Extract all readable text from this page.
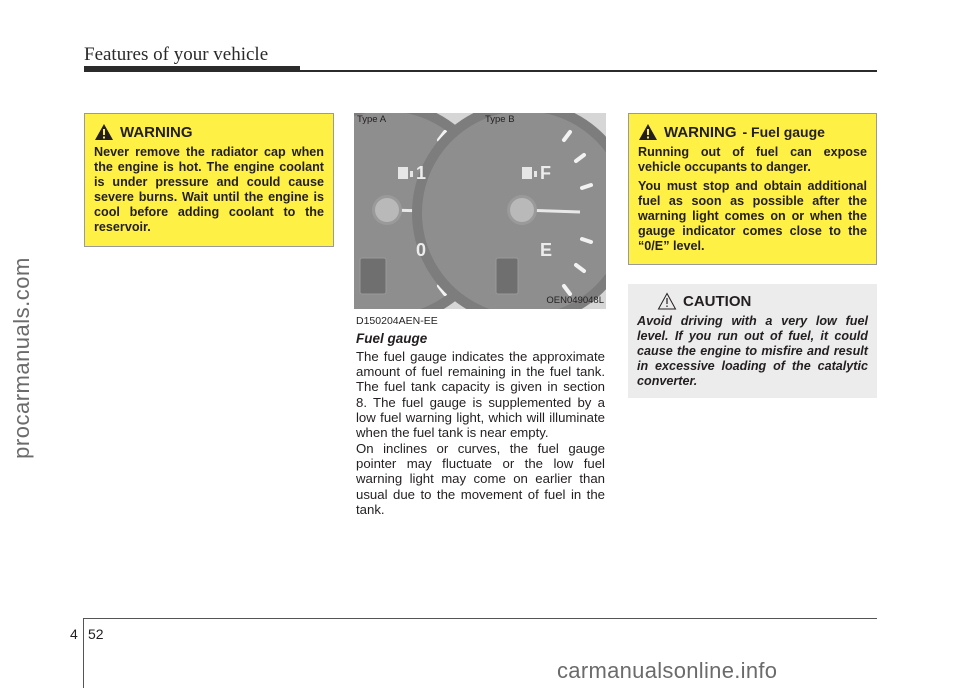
Features of your vehicle
procarmanuals.com
carmanualsonline.info
WARNING

Never remove the radiator cap when the engine is hot. The engine coolant is under pressure and could cause severe burns. Wait until the engine is cool before adding coolant to the reservoir.

1
0
F
E
Type A	Type B
OEN049048L
D150204AEN-EE
Fuel gauge

The fuel gauge indicates the approximate amount of fuel remaining in the fuel tank. The fuel tank capacity is given in section 8. The fuel gauge is supplemented by a low fuel warning light, which will illuminate when the fuel tank is near empty.

On inclines or curves, the fuel gauge pointer may fluctuate or the low fuel warning light may come on earlier than usual due to the movement of fuel in the tank.

WARNING - Fuel gauge

Running out of fuel can expose vehicle occupants to danger.

You must stop and obtain additional fuel as soon as possible after the warning light comes on or when the gauge indicator comes close to the “0/E” level.

CAUTION

Avoid driving with a very low fuel level. If you run out of fuel, it could cause the engine to misfire and result in excessive loading of the catalytic converter.

4 52
